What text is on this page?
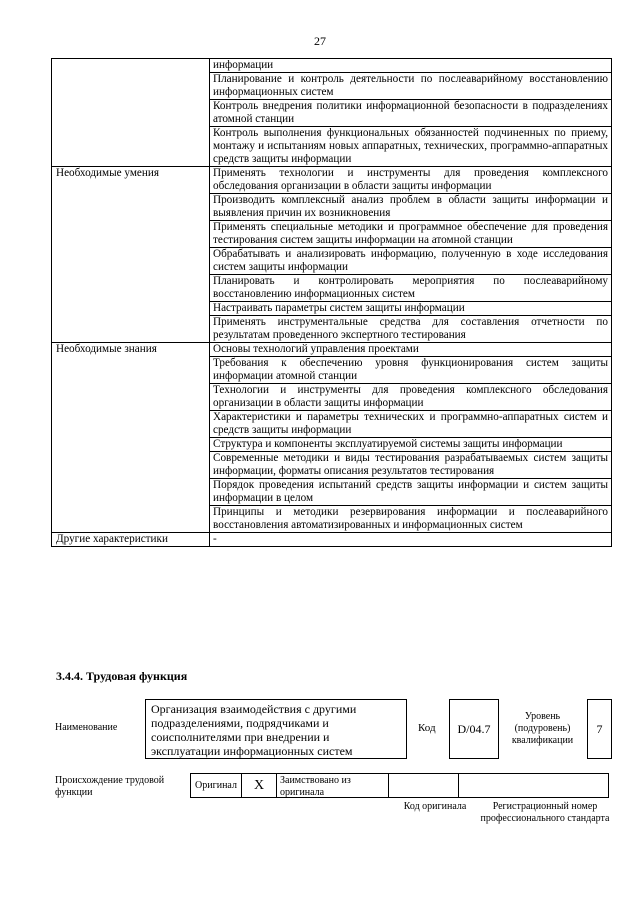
27
	информации
	Планирование и контроль деятельности по послеаварийному восстановлению информационных систем
	Контроль внедрения политики информационной безопасности в подразделениях атомной станции
	Контроль выполнения функциональных обязанностей подчиненных по приему, монтажу и испытаниям новых аппаратных, технических, программно-аппаратных средств защиты информации
Необходимые умения	Применять технологии и инструменты для проведения комплексного обследования организации в области защиты информации
	Производить комплексный анализ проблем в области защиты информации и выявления причин их возникновения
	Применять специальные методики и программное обеспечение для проведения тестирования систем защиты информации на атомной станции
	Обрабатывать и анализировать информацию, полученную в ходе исследования систем защиты информации
	Планировать и контролировать мероприятия по послеаварийному восстановлению информационных систем
	Настраивать параметры систем защиты информации
	Применять инструментальные средства для составления отчетности по результатам проведенного экспертного тестирования
Необходимые знания	Основы технологий управления проектами
	Требования к обеспечению уровня функционирования систем защиты информации атомной станции
	Технологии и инструменты для проведения комплексного обследования организации в области защиты информации
	Характеристики и параметры технических и программно-аппаратных систем и средств защиты информации
	Структура и компоненты эксплуатируемой системы защиты информации
	Современные методики и виды тестирования разрабатываемых систем защиты информации, форматы описания результатов тестирования
	Порядок проведения испытаний средств защиты информации и систем защиты информации в целом
	Принципы и методики резервирования информации и послеаварийного восстановления автоматизированных и информационных систем
Другие характеристики	-
3.4.4. Трудовая функция
Наименование
Организация взаимодействия с другими подразделениями, подрядчиками и соисполнителями при внедрении и эксплуатации информационных систем
Код	D/04.7
Уровень (подуровень) квалификации
7
Происхождение трудовой функции
Оригинал	X	Заимствовано из оригинала
Код оригинала	Регистрационный номер профессионального стандарта
